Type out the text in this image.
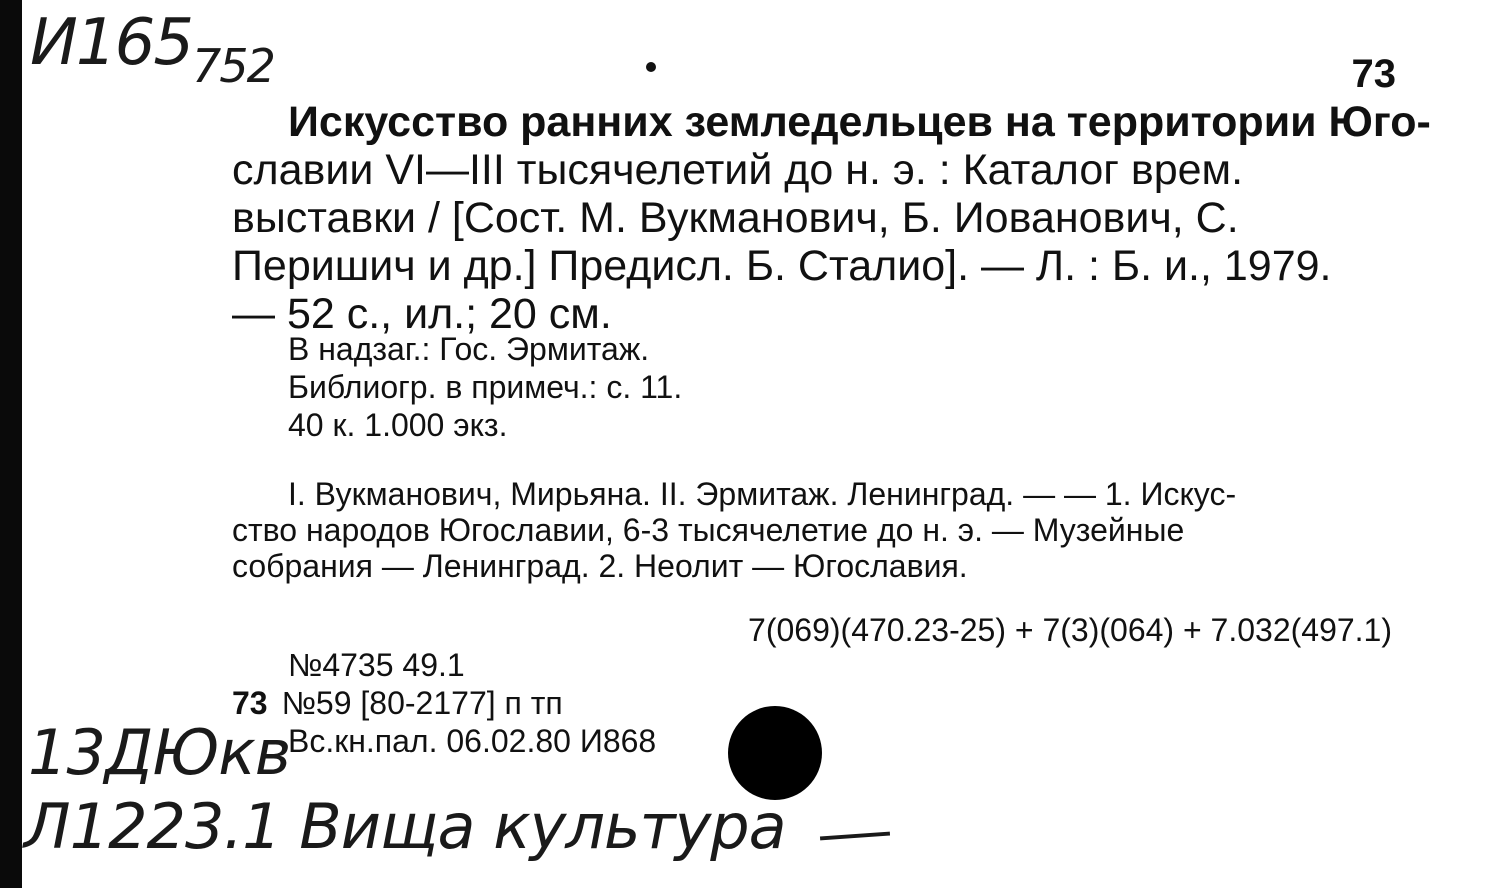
$И165_{752}$	73
Искусство ранних земледельцев на территории Юго-
славии VI—III тысячелетий до н. э. : Каталог врем.
выставки / [Сост. М. Вукманович, Б. Иованович, С.
Перишич и др.] Предисл. Б. Сталио]. — Л. : Б. и., 1979.
— 52 с., ил.; 20 см.
В надзаг.: Гос. Эрмитаж.
Библиогр. в примеч.: с. 11.
40 к. 1.000 экз.
I. Вукманович, Мирьяна. II. Эрмитаж. Ленинград. — — 1. Искус-
ство народов Югославии, 6-3 тысячелетие до н. э. — Музейные
собрания — Ленинград. 2. Неолит — Югославия.
7(069)(470.23-25) + 7(3)(064) + 7.032(497.1)
№4735 49.1
73 №59 [80-2177] п тп
Вс.кн.пал. 06.02.80 И868
13ДЮкв
Л1223.1 Вища культура
